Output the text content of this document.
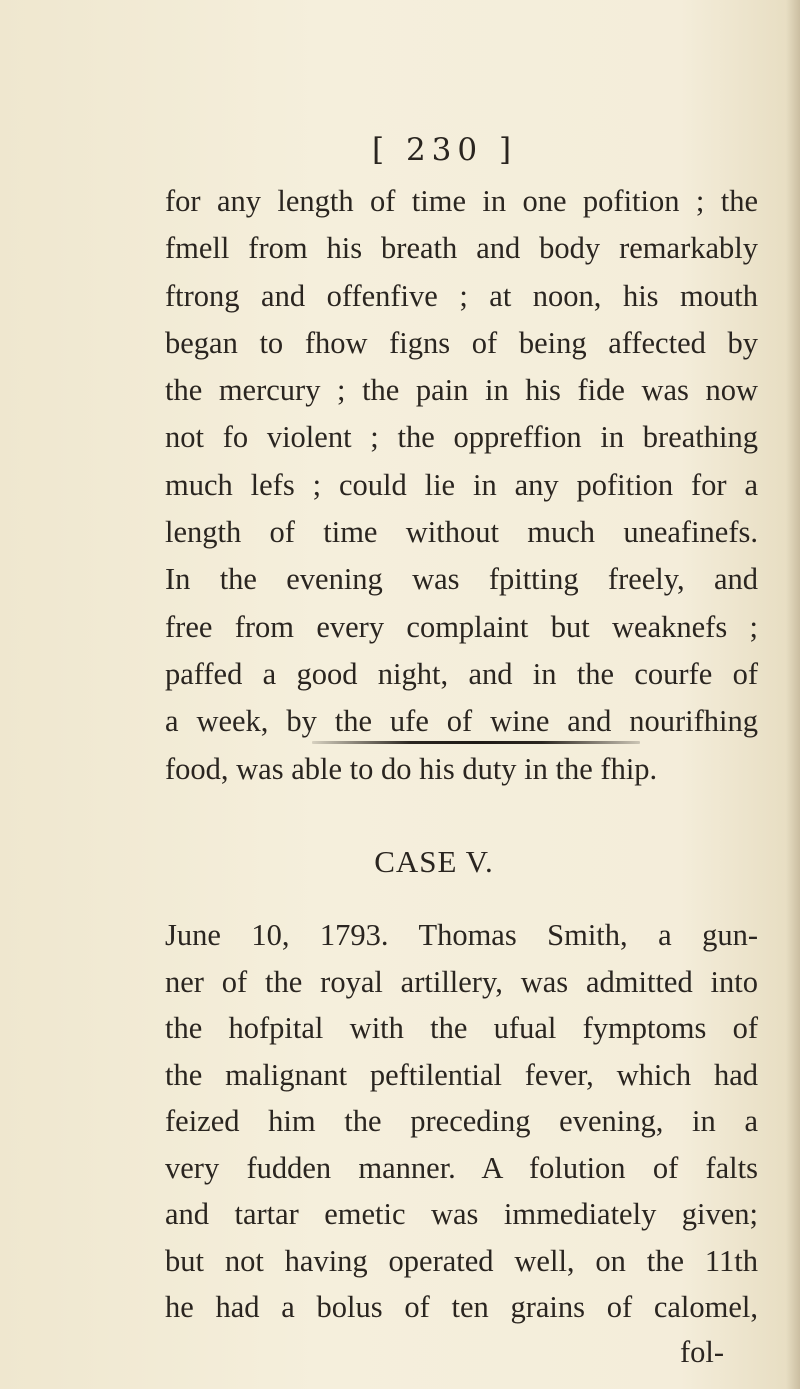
[ 230 ]
for any length of time in one pofition ; the
fmell from his breath and body remarkably
ftrong and offenfive ; at noon, his mouth
began to fhow figns of being affected by
the mercury ; the pain in his fide was now
not fo violent ; the oppreffion in breathing
much lefs ; could lie in any pofition for a
length of time without much uneafinefs.
In the evening was fpitting freely, and
free from every complaint but weaknefs ;
paffed a good night, and in the courfe of
a week, by the ufe of wine and nourifhing
food, was able to do his duty in the fhip.
CASE V.
June 10, 1793. Thomas Smith, a gun-
ner of the royal artillery, was admitted into
the hofpital with the ufual fymptoms of
the malignant peftilential fever, which had
feized him the preceding evening, in a
very fudden manner. A folution of falts
and tartar emetic was immediately given;
but not having operated well, on the 11th
he had a bolus of ten grains of calomel,
fol-
